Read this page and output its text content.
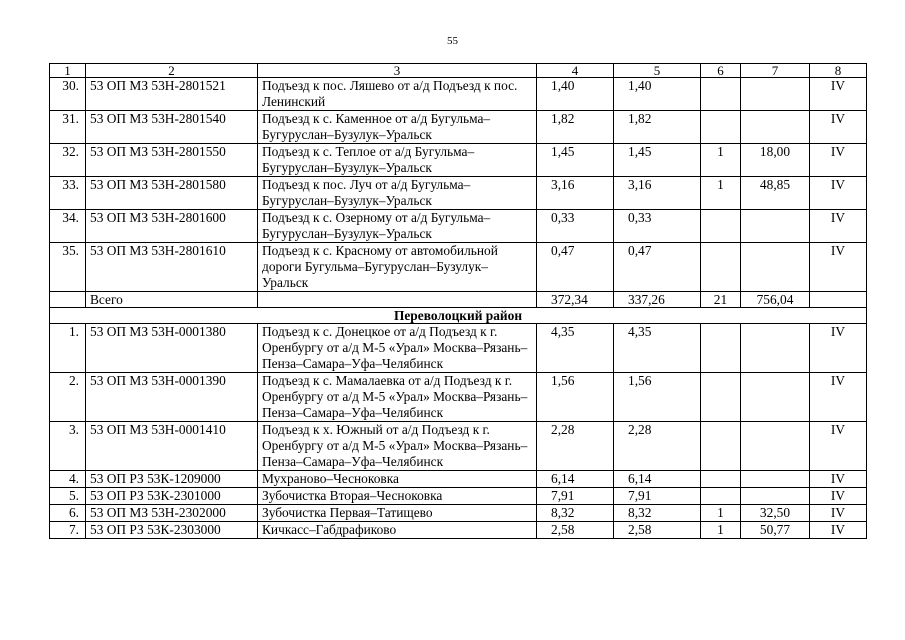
55
1	2	3	4	5	6	7	8
30.	53 ОП МЗ 53Н-2801521	Подъезд к пос. Ляшево от а/д Подъезд к пос. Ленинский	1,40	1,40			IV
31.	53 ОП МЗ 53Н-2801540	Подъезд к с. Каменное от а/д Бугульма–Бугуруслан–Бузулук–Уральск	1,82	1,82			IV
32.	53 ОП МЗ 53Н-2801550	Подъезд к с. Теплое от а/д Бугульма–Бугуруслан–Бузулук–Уральск	1,45	1,45	1	18,00	IV
33.	53 ОП МЗ 53Н-2801580	Подъезд к пос. Луч от а/д Бугульма–Бугуруслан–Бузулук–Уральск	3,16	3,16	1	48,85	IV
34.	53 ОП МЗ 53Н-2801600	Подъезд к с. Озерному от а/д Бугульма–Бугуруслан–Бузулук–Уральск	0,33	0,33			IV
35.	53 ОП МЗ 53Н-2801610	Подъезд к с. Красному от автомобильной дороги Бугульма–Бугуруслан–Бузулук–Уральск	0,47	0,47			IV
	Всего		372,34	337,26	21	756,04	
Переволоцкий район							
1.	53 ОП МЗ 53Н-0001380	Подъезд к с. Донецкое от а/д Подъезд к г. Оренбургу от а/д М-5 «Урал» Москва–Рязань–Пенза–Самара–Уфа–Челябинск	4,35	4,35			IV
2.	53 ОП МЗ 53Н-0001390	Подъезд к с. Мамалаевка от а/д Подъезд к г. Оренбургу от а/д М-5 «Урал» Москва–Рязань–Пенза–Самара–Уфа–Челябинск	1,56	1,56			IV
3.	53 ОП МЗ 53Н-0001410	Подъезд к х. Южный от а/д Подъезд к г. Оренбургу от а/д М-5 «Урал» Москва–Рязань–Пенза–Самара–Уфа–Челябинск	2,28	2,28			IV
4.	53 ОП РЗ 53К-1209000	Мухраново–Чесноковка	6,14	6,14			IV
5.	53 ОП РЗ 53К-2301000	Зубочистка Вторая–Чесноковка	7,91	7,91			IV
6.	53 ОП МЗ 53Н-2302000	Зубочистка Первая–Татищево	8,32	8,32	1	32,50	IV
7.	53 ОП РЗ 53К-2303000	Кичкасс–Габдрафиково	2,58	2,58	1	50,77	IV
